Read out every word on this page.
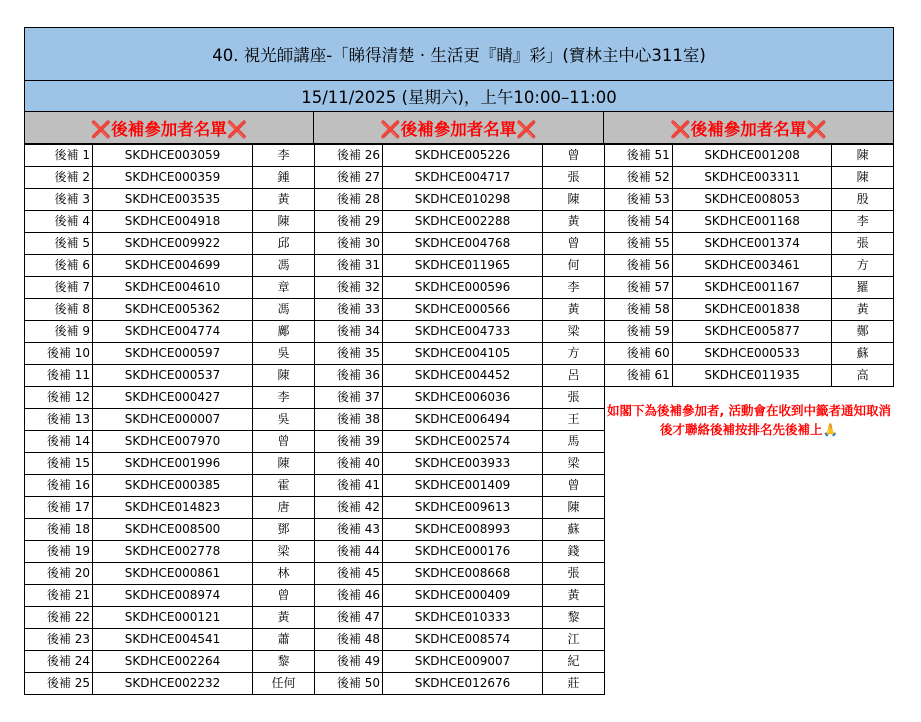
40. 視光師講座-「睇得清楚 · 生活更『睛』彩」(寶林主中心311室)
15/11/2025 (星期六)，上午10:00–11:00
❌後補參加者名單❌	❌後補參加者名單❌	❌後補參加者名單❌
後補 1	SKDHCE003059	李
後補 2	SKDHCE000359	鍾
後補 3	SKDHCE003535	黃
後補 4	SKDHCE004918	陳
後補 5	SKDHCE009922	邱
後補 6	SKDHCE004699	馮
後補 7	SKDHCE004610	章
後補 8	SKDHCE005362	馮
後補 9	SKDHCE004774	鄺
後補 10	SKDHCE000597	吳
後補 11	SKDHCE000537	陳
後補 12	SKDHCE000427	李
後補 13	SKDHCE000007	吳
後補 14	SKDHCE007970	曾
後補 15	SKDHCE001996	陳
後補 16	SKDHCE000385	霍
後補 17	SKDHCE014823	唐
後補 18	SKDHCE008500	鄧
後補 19	SKDHCE002778	梁
後補 20	SKDHCE000861	林
後補 21	SKDHCE008974	曾
後補 22	SKDHCE000121	黃
後補 23	SKDHCE004541	蕭
後補 24	SKDHCE002264	黎
後補 25	SKDHCE002232	任何
後補 26	SKDHCE005226	曾
後補 27	SKDHCE004717	張
後補 28	SKDHCE010298	陳
後補 29	SKDHCE002288	黃
後補 30	SKDHCE004768	曾
後補 31	SKDHCE011965	何
後補 32	SKDHCE000596	李
後補 33	SKDHCE000566	黃
後補 34	SKDHCE004733	梁
後補 35	SKDHCE004105	方
後補 36	SKDHCE004452	呂
後補 37	SKDHCE006036	張
後補 38	SKDHCE006494	王
後補 39	SKDHCE002574	馬
後補 40	SKDHCE003933	梁
後補 41	SKDHCE001409	曾
後補 42	SKDHCE009613	陳
後補 43	SKDHCE008993	蘇
後補 44	SKDHCE000176	錢
後補 45	SKDHCE008668	張
後補 46	SKDHCE000409	黃
後補 47	SKDHCE010333	黎
後補 48	SKDHCE008574	江
後補 49	SKDHCE009007	紀
後補 50	SKDHCE012676	莊
後補 51	SKDHCE001208	陳
後補 52	SKDHCE003311	陳
後補 53	SKDHCE008053	殷
後補 54	SKDHCE001168	李
後補 55	SKDHCE001374	張
後補 56	SKDHCE003461	方
後補 57	SKDHCE001167	羅
後補 58	SKDHCE001838	黃
後補 59	SKDHCE005877	鄭
後補 60	SKDHCE000533	蘇
後補 61	SKDHCE011935	高
如閣下為後補參加者, 活動會在收到中籤者通知取消後才聯絡後補按排名先後補上🙏
